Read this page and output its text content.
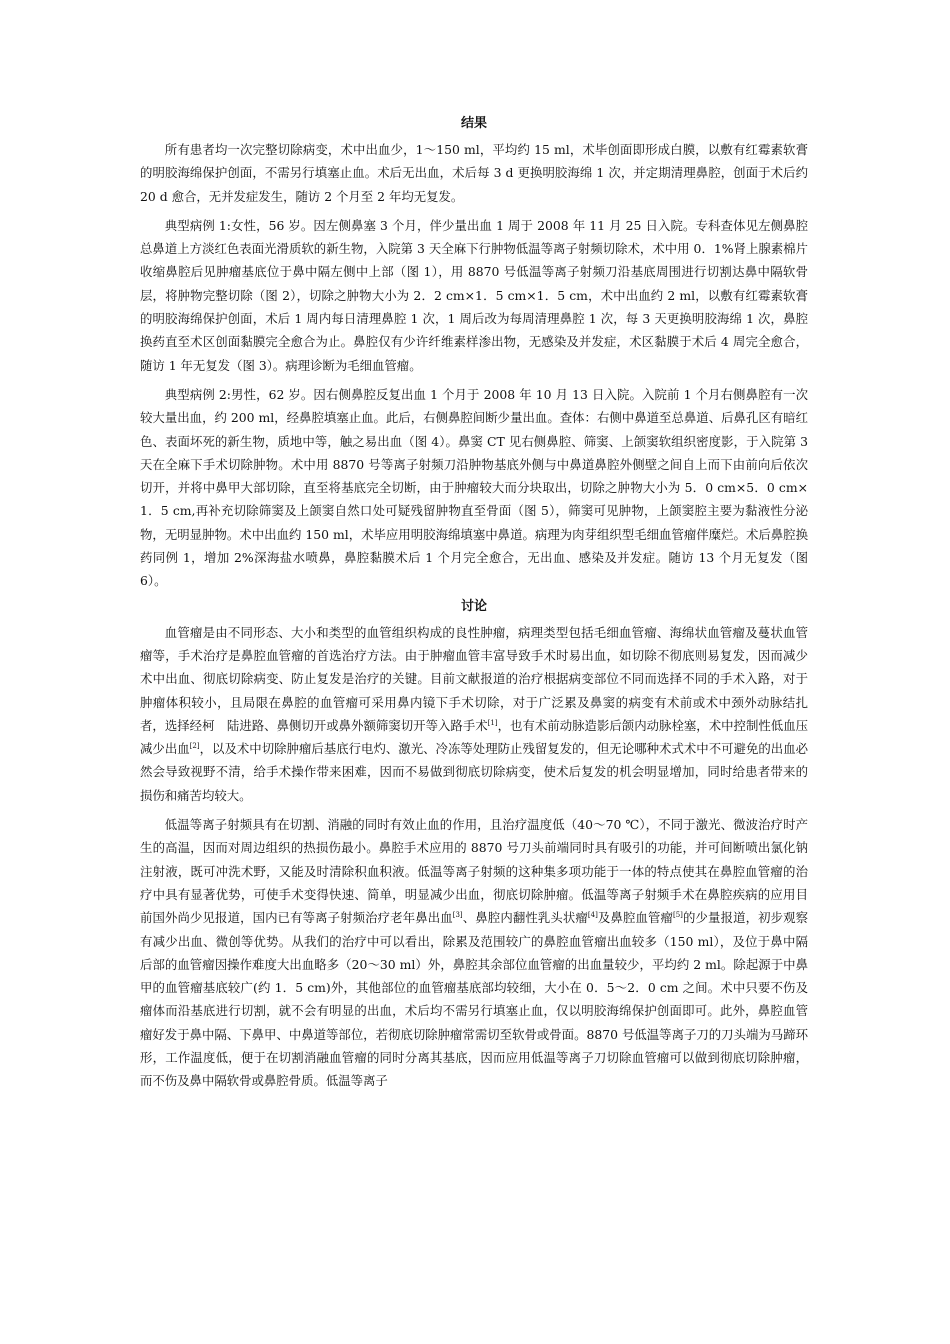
结果

所有患者均一次完整切除病变，术中出血少，1～150 ml，平均约 15 ml，术毕创面即形成白膜，以敷有红霉素软膏的明胶海绵保护创面，不需另行填塞止血。术后无出血，术后每 3 d 更换明胶海绵 1 次，并定期清理鼻腔，创面于术后约 20 d 愈合，无并发症发生，随访 2 个月至 2 年均无复发。

典型病例 1:女性，56 岁。因左侧鼻塞 3 个月，伴少量出血 1 周于 2008 年 11 月 25 日入院。专科查体见左侧鼻腔总鼻道上方淡红色表面光滑质软的新生物，入院第 3 天全麻下行肿物低温等离子射频切除术，术中用 0．1%肾上腺素棉片收缩鼻腔后见肿瘤基底位于鼻中隔左侧中上部（图 1），用 8870 号低温等离子射频刀沿基底周围进行切割达鼻中隔软骨层，将肿物完整切除（图 2），切除之肿物大小为 2．2 cm×1．5 cm×1．5 cm，术中出血约 2 ml，以敷有红霉素软膏的明胶海绵保护创面，术后 1 周内每日清理鼻腔 1 次，1 周后改为每周清理鼻腔 1 次，每 3 天更换明胶海绵 1 次，鼻腔换药直至术区创面黏膜完全愈合为止。鼻腔仅有少许纤维素样渗出物，无感染及并发症，术区黏膜于术后 4 周完全愈合，随访 1 年无复发（图 3）。病理诊断为毛细血管瘤。

典型病例 2:男性，62 岁。因右侧鼻腔反复出血 1 个月于 2008 年 10 月 13 日入院。入院前 1 个月右侧鼻腔有一次较大量出血，约 200 ml，经鼻腔填塞止血。此后，右侧鼻腔间断少量出血。查体：右侧中鼻道至总鼻道、后鼻孔区有暗红色、表面坏死的新生物，质地中等，触之易出血（图 4）。鼻窦 CT 见右侧鼻腔、筛窦、上颌窦软组织密度影，于入院第 3 天在全麻下手术切除肿物。术中用 8870 号等离子射频刀沿肿物基底外侧与中鼻道鼻腔外侧壁之间自上而下由前向后依次切开，并将中鼻甲大部切除，直至将基底完全切断，由于肿瘤较大而分块取出，切除之肿物大小为 5．0 cm×5．0 cm×1．5 cm,再补充切除筛窦及上颌窦自然口处可疑残留肿物直至骨面（图 5），筛窦可见肿物，上颌窦腔主要为黏液性分泌物，无明显肿物。术中出血约 150 ml，术毕应用明胶海绵填塞中鼻道。病理为肉芽组织型毛细血管瘤伴糜烂。术后鼻腔换药同例 1，增加 2%深海盐水喷鼻，鼻腔黏膜术后 1 个月完全愈合，无出血、感染及并发症。随访 13 个月无复发（图 6）。

讨论

血管瘤是由不同形态、大小和类型的血管组织构成的良性肿瘤，病理类型包括毛细血管瘤、海绵状血管瘤及蔓状血管瘤等，手术治疗是鼻腔血管瘤的首选治疗方法。由于肿瘤血管丰富导致手术时易出血，如切除不彻底则易复发，因而减少术中出血、彻底切除病变、防止复发是治疗的关键。目前文献报道的治疗根据病变部位不同而选择不同的手术入路，对于肿瘤体积较小，且局限在鼻腔的血管瘤可采用鼻内镜下手术切除，对于广泛累及鼻窦的病变有术前或术中颈外动脉结扎者，选择经柯　陆进路、鼻侧切开或鼻外额筛窦切开等入路手术[1]，也有术前动脉造影后颌内动脉栓塞，术中控制性低血压减少出血[2]，以及术中切除肿瘤后基底行电灼、激光、冷冻等处理防止残留复发的，但无论哪种术式术中不可避免的出血必然会导致视野不清，给手术操作带来困难，因而不易做到彻底切除病变，使术后复发的机会明显增加，同时给患者带来的损伤和痛苦均较大。

低温等离子射频具有在切割、消融的同时有效止血的作用，且治疗温度低（40～70 ℃），不同于激光、微波治疗时产生的高温，因而对周边组织的热损伤最小。鼻腔手术应用的 8870 号刀头前端同时具有吸引的功能，并可间断喷出氯化钠注射液，既可冲洗术野，又能及时清除积血积液。低温等离子射频的这种集多项功能于一体的特点使其在鼻腔血管瘤的治疗中具有显著优势，可使手术变得快速、简单，明显减少出血，彻底切除肿瘤。低温等离子射频手术在鼻腔疾病的应用目前国外尚少见报道，国内已有等离子射频治疗老年鼻出血[3]、鼻腔内翻性乳头状瘤[4]及鼻腔血管瘤[5]的少量报道，初步观察有减少出血、微创等优势。从我们的治疗中可以看出，除累及范围较广的鼻腔血管瘤出血较多（150 ml），及位于鼻中隔后部的血管瘤因操作难度大出血略多（20～30 ml）外，鼻腔其余部位血管瘤的出血量较少，平均约 2 ml。除起源于中鼻甲的血管瘤基底较广(约 1．5 cm)外，其他部位的血管瘤基底部均较细，大小在 0．5～2．0 cm 之间。术中只要不伤及瘤体而沿基底进行切割，就不会有明显的出血，术后均不需另行填塞止血，仅以明胶海绵保护创面即可。此外，鼻腔血管瘤好发于鼻中隔、下鼻甲、中鼻道等部位，若彻底切除肿瘤常需切至软骨或骨面。8870 号低温等离子刀的刀头端为马蹄环形，工作温度低，便于在切割消融血管瘤的同时分离其基底，因而应用低温等离子刀切除血管瘤可以做到彻底切除肿瘤，而不伤及鼻中隔软骨或鼻腔骨质。低温等离子
